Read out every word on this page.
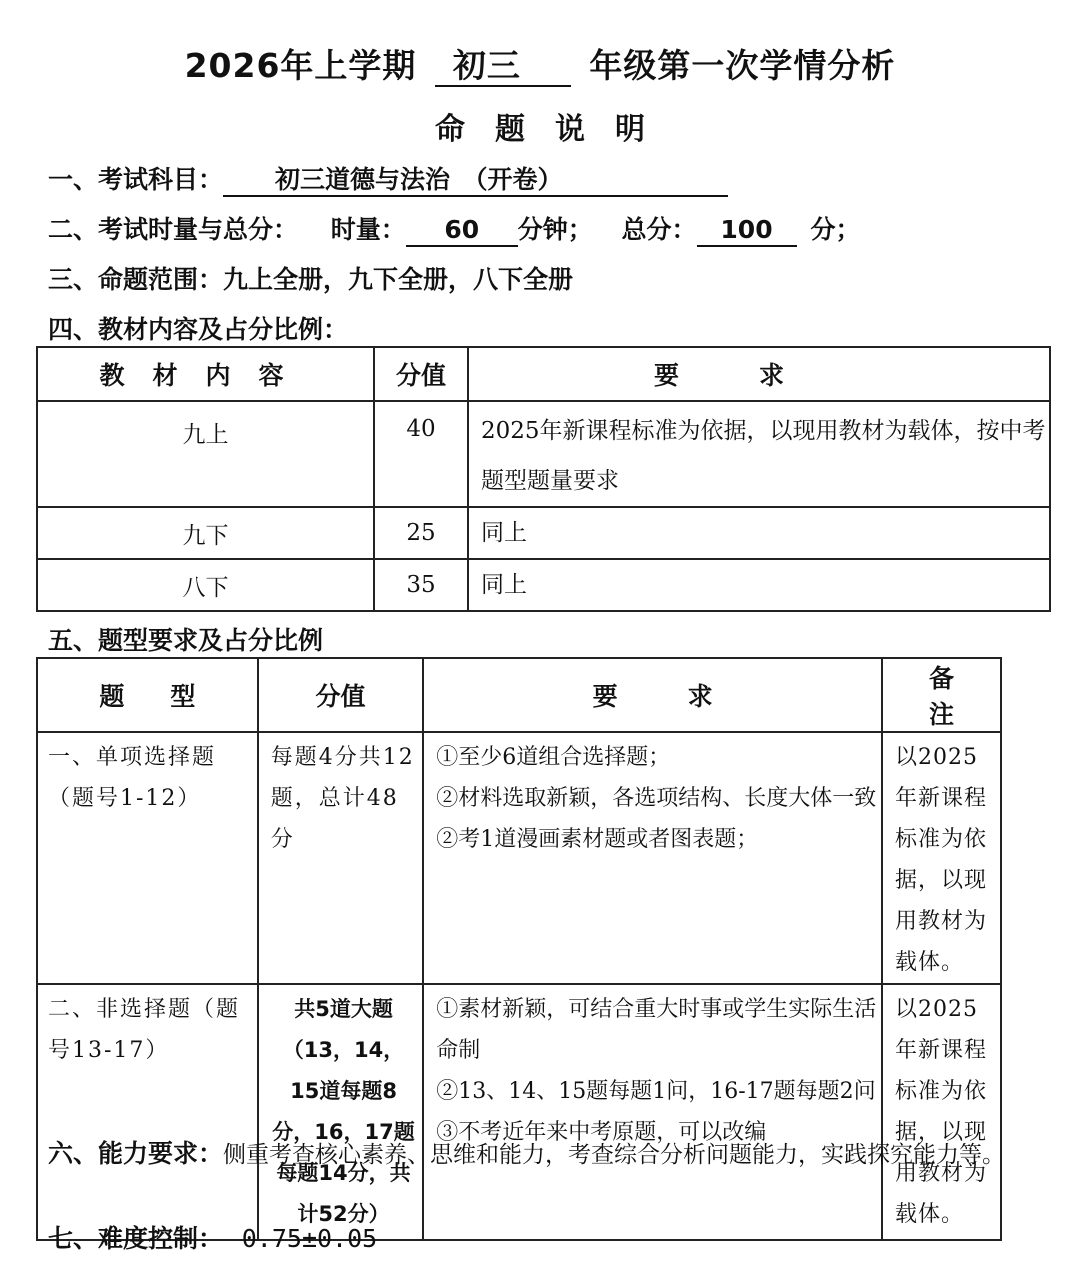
2026年上学期 初三 年级第一次学情分析
命题说明
一、考试科目： 初三道德与法治　（开卷）
二、考试时量与总分： 时量： 60 分钟； 总分： 100 分；
三、命题范围：九上全册，九下全册，八下全册
四、教材内容及占分比例：
教材内容	分值	要求
九上	40	2025年新课程标准为依据，以现用教材为载体，按中考题型题量要求
九下	25	同上
八下	35	同上
五、题型要求及占分比例
题型	分值	要求	备注
一、单项选择题（题号1-12）	每题4分共12题，总计48分	①至少6道组合选择题；
②材料选取新颖，各选项结构、长度大体一致
②考1道漫画素材题或者图表题；	以2025年新课程标准为依据，以现用教材为载体。
二、非选择题（题号13-17）	共5道大题（13，14，15道每题8分，16，17题每题14分，共计52分）	①素材新颖，可结合重大时事或学生实际生活命制
②13、14、15题每题1问，16-17题每题2问
③不考近年来中考原题，可以改编	以2025年新课程标准为依据，以现用教材为载体。
六、能力要求：侧重考查核心素养、思维和能力，考查综合分析问题能力，实践探究能力等。
七、难度控制： 0.75±0.05
